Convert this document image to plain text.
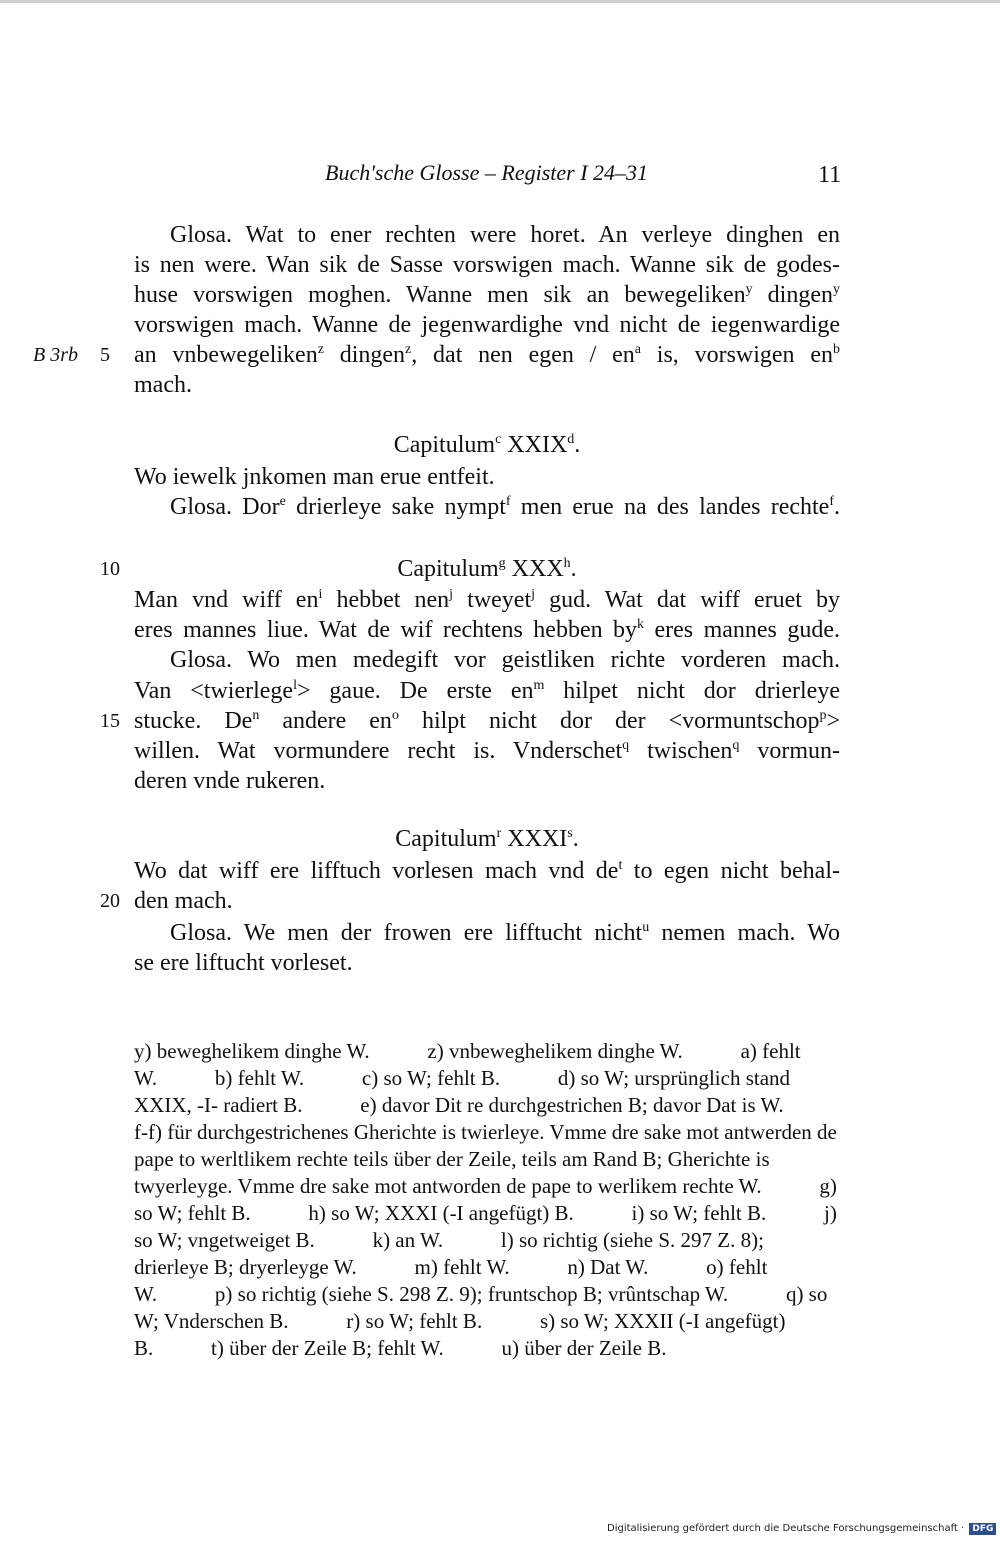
Buch'sche Glosse – Register I 24–31	11
B 3rb 5
10
15
20
Glosa. Wat to ener rechten were horet. An verleye dinghen en
is nen were. Wan sik de Sasse vorswigen mach. Wanne sik de godes-
huse vorswigen moghen. Wanne men sik an bewegeliken$^y$ dingen$^y$
vorswigen mach. Wanne de jegenwardighe vnd nicht de iegenwardige
an vnbewegeliken$^z$ dingen$^z$, dat nen egen / $en^a$ is, vorswigen $en^b$
mach.
Capitulum$^c$ XXIX$^d$.
Wo iewelk jnkomen man erue entfeit.
Glosa. Dor$^e$ drierleye sake nympt$^f$ men erue na des landes rechte$^f$.
Capitulum$^g$ XXX$^h$.
Man vnd wiff $en^i$ hebbet nen$^j$ tweyet$^j$ gud. Wat dat wiff eruet by
eres mannes liue. Wat de wif rechtens hebben $by^k$ eres mannes gude.
Glosa. Wo men medegift vor geistliken richte vorderen mach.
Van <twierlege$^l$> gaue. De erste $en^m$ hilpet nicht dor drierleye
stucke. De$^n$ andere $en^o$ hilpt nicht dor der <vormuntschop$^p$>
willen. Wat vormundere recht is. Vnderschet$^q$ twischen$^q$ vormun-
deren vnde rukeren.
Capitulum$^r$ XXXI$^s$.
Wo dat wiff ere lifftuch vorlesen mach vnd $de^t$ to egen nicht behal-
den mach.
Glosa. We men der frowen ere lifftucht nicht$^u$ nemen mach. Wo
se ere liftucht vorleset.
y) beweghelikem dinghe W.   	z) vnbeweghelikem dinghe W.   	a) fehlt W.   	b) fehlt W.   	c) so W; fehlt B.   	d) so W; ursprünglich stand XXIX, -I- radiert B.   	e) davor Dit re durchgestrichen B; davor Dat is W.    f-f) für durchgestrichenes Gherichte is twierleye. Vmme dre sake mot antwerden de pape to werltlikem rechte teils über der Zeile, teils am Rand B; Gherichte is twyerleyge. Vmme dre sake mot antworden de pape to werlikem rechte W.   	g) so W; fehlt B.   	h) so W; XXXI (-I angefügt) B.   	i) so W; fehlt B.   	j) so W; vngetweiget B.   	k) an W.   	l) so richtig (siehe S. 297 Z. 8); drierleye B; dryerleyge W.   	m) fehlt W.   	n) Dat W.   	o) fehlt W.   	p) so richtig (siehe S. 298 Z. 9); fruntschop B; vrûntschap W.   	q) so W; Vnderschen B.   	r) so W; fehlt B.   	s) so W; XXXII (-I angefügt) B.   	t) über der Zeile B; fehlt W.   	u) über der Zeile B.
Digitalisierung gefördert durch die Deutsche Forschungsgemeinschaft · DFG
